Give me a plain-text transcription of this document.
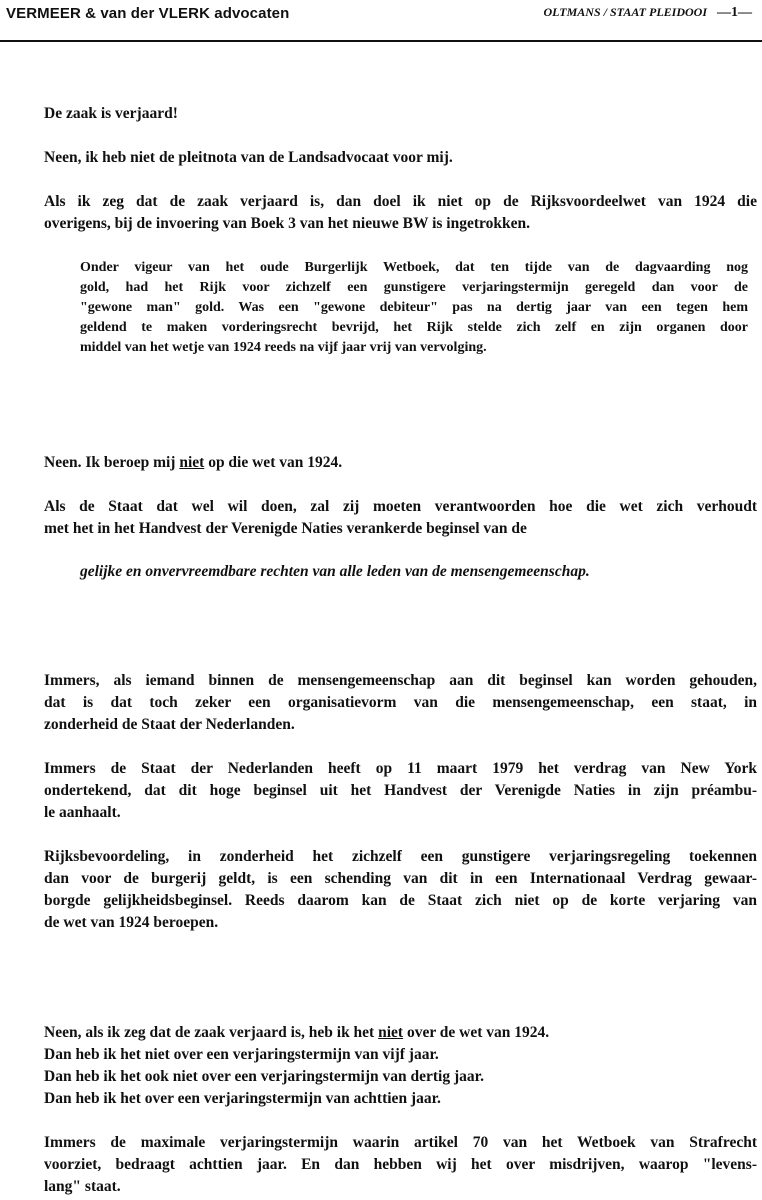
VERMEER & van der VLERK advocaten	OLTMANS / STAAT PLEIDOOI —1—

De zaak is verjaard!

Neen, ik heb niet de pleitnota van de Landsadvocaat voor mij.

Als ik zeg dat de zaak verjaard is, dan doel ik niet op de Rijksvoordeelwet van 1924 die
overigens, bij de invoering van Boek 3 van het nieuwe BW is ingetrokken.
Onder vigeur van het oude Burgerlijk Wetboek, dat ten tijde van de dagvaarding nog
gold, had het Rijk voor zichzelf een gunstigere verjaringstermijn geregeld dan voor de
"gewone man" gold. Was een "gewone debiteur" pas na dertig jaar van een tegen hem
geldend te maken vorderingsrecht bevrijd, het Rijk stelde zich zelf en zijn organen door
middel van het wetje van 1924 reeds na vijf jaar vrij van vervolging.

Neen. Ik beroep mij niet op die wet van 1924.

Als de Staat dat wel wil doen, zal zij moeten verantwoorden hoe die wet zich verhoudt
met het in het Handvest der Verenigde Naties verankerde beginsel van de

gelijke en onvervreemdbare rechten van alle leden van de mensengemeenschap.

Immers, als iemand binnen de mensengemeenschap aan dit beginsel kan worden gehouden,
dat is dat toch zeker een organisatievorm van die mensengemeenschap, een staat, in
zonderheid de Staat der Nederlanden.
Immers de Staat der Nederlanden heeft op 11 maart 1979 het verdrag van New York
ondertekend, dat dit hoge beginsel uit het Handvest der Verenigde Naties in zijn préambu-
le aanhaalt.
Rijksbevoordeling, in zonderheid het zichzelf een gunstigere verjaringsregeling toekennen
dan voor de burgerij geldt, is een schending van dit in een Internationaal Verdrag gewaar-
borgde gelijkheidsbeginsel. Reeds daarom kan de Staat zich niet op de korte verjaring van
de wet van 1924 beroepen.
Neen, als ik zeg dat de zaak verjaard is, heb ik het niet over de wet van 1924.
Dan heb ik het niet over een verjaringstermijn van vijf jaar.
Dan heb ik het ook niet over een verjaringstermijn van dertig jaar.
Dan heb ik het over een verjaringstermijn van achttien jaar.
Immers de maximale verjaringstermijn waarin artikel 70 van het Wetboek van Strafrecht
voorziet, bedraagt achttien jaar. En dan hebben wij het over misdrijven, waarop "levens-
lang" staat.
